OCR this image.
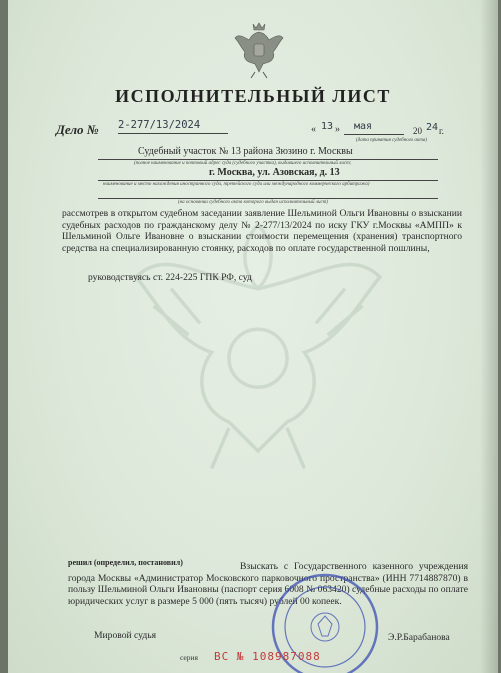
ИСПОЛНИТЕЛЬНЫЙ ЛИСТ
Дело № 2-277/13/2024	« 13 » мая	20 24 г.
(дата принятия судебного акта)
Судебный участок № 13 района Зюзино г. Москвы
(полное наименование и почтовый адрес суда (судебного участка), выдавшего исполнительный лист;
г. Москва, ул. Азовская, д. 13
наименование и место нахождения иностранного суда, третейского суда или международного коммерческого арбитража)
(на основании судебного акта которого выдан исполнительный лист)
рассмотрев в открытом судебном заседании заявление Шельминой Ольги Ивановны о взыскании судебных расходов по гражданскому делу № 2-277/13/2024 по иску ГКУ г.Москвы «АМПП» к Шельминой Ольге Ивановне о взыскании стоимости перемещения (хранения) транспортного средства на специализированную стоянку, расходов по оплате государственной пошлины,
руководствуясь ст. 224-225 ГПК РФ, суд
решил (определил, постановил)	Взыскать с Государственного казенного учреждения города Москвы «Администратор Московского парковочного пространства» (ИНН 7714887870) в пользу Шельминой Ольги Ивановны (паспорт серия 6008 № 063420) судебные расходы по оплате юридических услуг в размере 5 000 (пять тысяч) рублей 00 копеек.
Мировой судья	Э.Р.Барабанова
серия ВС № 108987088
